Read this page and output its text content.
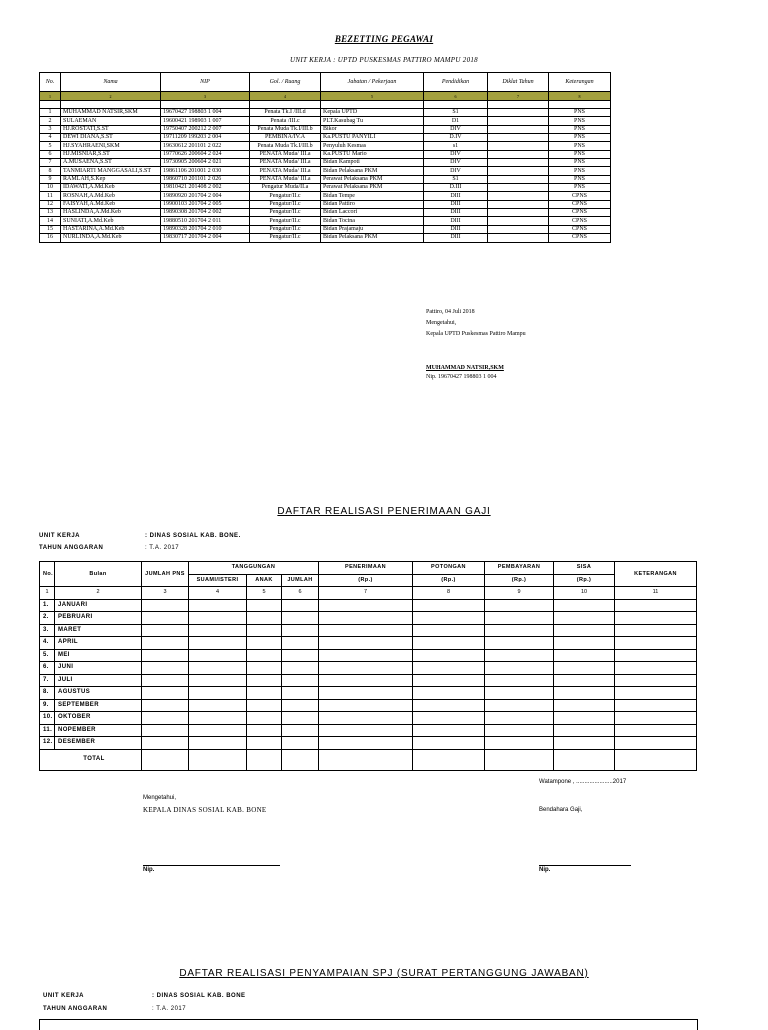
BEZETTING PEGAWAI
UNIT KERJA : UPTD PUSKESMAS PATTIRO MAMPU 2018
No.	Nama	NIP	Gol. / Ruang	Jabatan / Pekerjaan	Pendidikan	Diklat Tahun	Keterangan
1	2	3	4	5	6	7	8

1	MUHAMMAD NATSIR,SKM	19670427 198803 1 004	Penata Tk.I /III.d	Kepala UPTD	S1		PNS
2	SULAEMAN	19600421 198903 1 007	Penata /III.c	PLT.Kasubag Tu	D1		PNS
3	HJ.ROSTATI,S.ST	19750407 200212 2 007	Penata Muda Tk.I/III.b	Bikor	DIV		PNS
4	DEWI DIANA,S.ST	19711209 199203 2 004	PEMBINA/IV.A	Ka.PUSTU PANYILI	D.IV		PNS
5	HJ.SYAHRAENI,SKM	19630612 201101 2 022	Penata Muda Tk.I/III.b	Penyuluh Kesmas	s1		PNS
6	HJ.MISNIAR,S.ST	19770626 200604 2 024	PENATA Muda/ III.a	Ka.PUSTU Mario	DIV		PNS
7	A.MUSAENA,S.ST	19730905 200604 2 021	PENATA Muda/ III.a	Bidan Kampoti	DIV		PNS
8	TANMIARTI MANGGASALI,S.ST	19861106 201001 2 030	PENATA Muda/ III.a	Bidan Pelaksana PKM	DIV		PNS
9	RAMLAH,S.Kep	19860710 201101 2 026	PENATA Muda/ III.a	Perawat Pelaksana PKM	S1		PNS
10	IDAWATI,A.Md.Keb	19810421 201408 2 002	Pengatur Muda/II.a	Perawat Pelaksana PKM	D.III		PNS
11	ROSNAH,A.Md.Keb	19890920 201704 2 004	Pengatur/II.c	Bidan Tempe	DIII		CPNS
12	FAISYAH,A.Md.Keb	19900103 201704 2 005	Pengatur/II.c	Bidan Pattiro	DIII		CPNS
13	HASLINDA,A.Md.Keb	19890308 201704 2 002	Pengatur/II.c	Bidan Laccori	DIII		CPNS
14	SUNIATI,A.Md.Keb	19880510 201704 2 011	Pengatur/II.c	Bidan Tocina	DIII		CPNS
15	HASTARINA,A.Md.Keb	19890328 201704 2 010	Pengatur/II.c	Bidan Prajamaju	DIII		CPNS
16	NURLINDA,A.Md.Keb	19830717 201704 2 004	Pengatur/II.c	Bidan Pelaksana PKM	DIII		CPNS
Pattiro, 04 Juli 2018
Mengetahui,
Kepala UPTD Puskesmas Pattiro Mampu
MUHAMMAD NATSIR,SKM
Nip. 19670427 198803 1 004
DAFTAR REALISASI PENERIMAAN GAJI
UNIT KERJA	: DINAS SOSIAL KAB. BONE.
TAHUN ANGGARAN	: T.A. 2017
No.	Bulan	JUMLAH PNS	TANGGUNGAN			PENERIMAAN	POTONGAN	PEMBAYARAN	SISA	KETERANGAN
			SUAMI/ISTERI	ANAK	JUMLAH	(Rp.)	(Rp.)	(Rp.)	(Rp.)	
1	2	3	4	5	6	7	8	9	10	11
1.	JANUARI									
2.	PEBRUARI									
3.	MARET									
4.	APRIL									
5.	MEI									
6.	JUNI									
7.	JULI									
8.	AGUSTUS									
9.	SEPTEMBER									
10.	OKTOBER									
11.	NOPEMBER									
12.	DESEMBER									
TOTAL										
Watampone , ......................2017
Mengetahui,
KEPALA DINAS SOSIAL KAB. BONE	Bendahara Gaji,
Nip.	Nip.
DAFTAR REALISASI PENYAMPAIAN SPJ (SURAT PERTANGGUNG JAWABAN)
UNIT KERJA	: DINAS SOSIAL KAB. BONE
TAHUN ANGGARAN	: T.A. 2017
